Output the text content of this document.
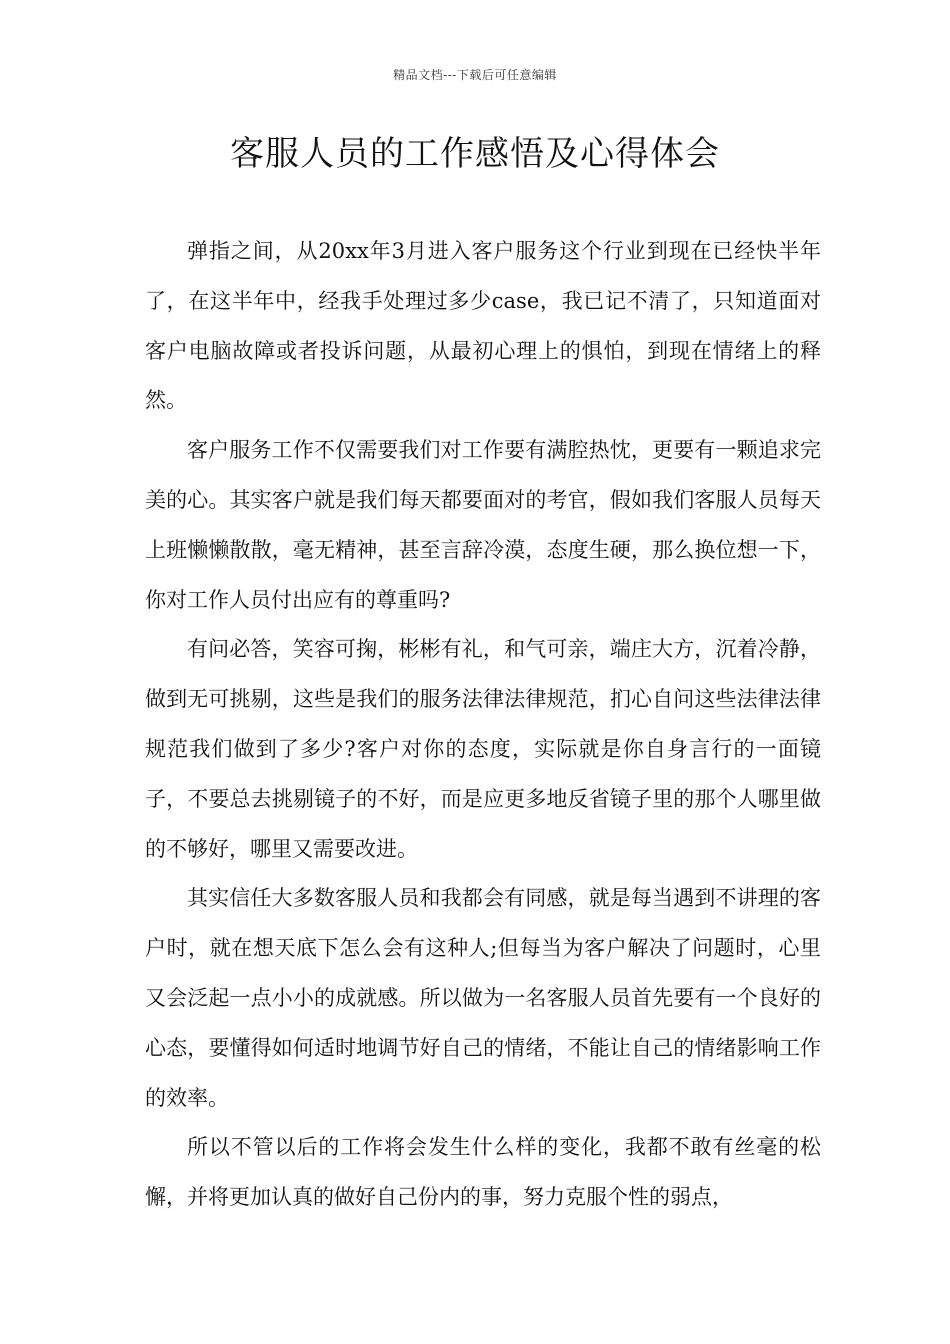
精品文档---下载后可任意编辑
客服人员的工作感悟及心得体会

弹指之间，从20xx年3月进入客户服务这个行业到现在已经快半年了，在这半年中，经我手处理过多少case，我已记不清了，只知道面对客户电脑故障或者投诉问题，从最初心理上的惧怕，到现在情绪上的释然。

客户服务工作不仅需要我们对工作要有满腔热忱，更要有一颗追求完美的心。其实客户就是我们每天都要面对的考官，假如我们客服人员每天上班懒懒散散，毫无精神，甚至言辞冷漠，态度生硬，那么换位想一下，你对工作人员付出应有的尊重吗?

有问必答，笑容可掬，彬彬有礼，和气可亲，端庄大方，沉着冷静，做到无可挑剔，这些是我们的服务法律法律规范，扪心自问这些法律法律规范我们做到了多少?客户对你的态度，实际就是你自身言行的一面镜子，不要总去挑剔镜子的不好，而是应更多地反省镜子里的那个人哪里做的不够好，哪里又需要改进。

其实信任大多数客服人员和我都会有同感，就是每当遇到不讲理的客户时，就在想天底下怎么会有这种人;但每当为客户解决了问题时，心里又会泛起一点小小的成就感。所以做为一名客服人员首先要有一个良好的心态，要懂得如何适时地调节好自己的情绪，不能让自己的情绪影响工作的效率。

所以不管以后的工作将会发生什么样的变化，我都不敢有丝毫的松懈，并将更加认真的做好自己份内的事，努力克服个性的弱点，
